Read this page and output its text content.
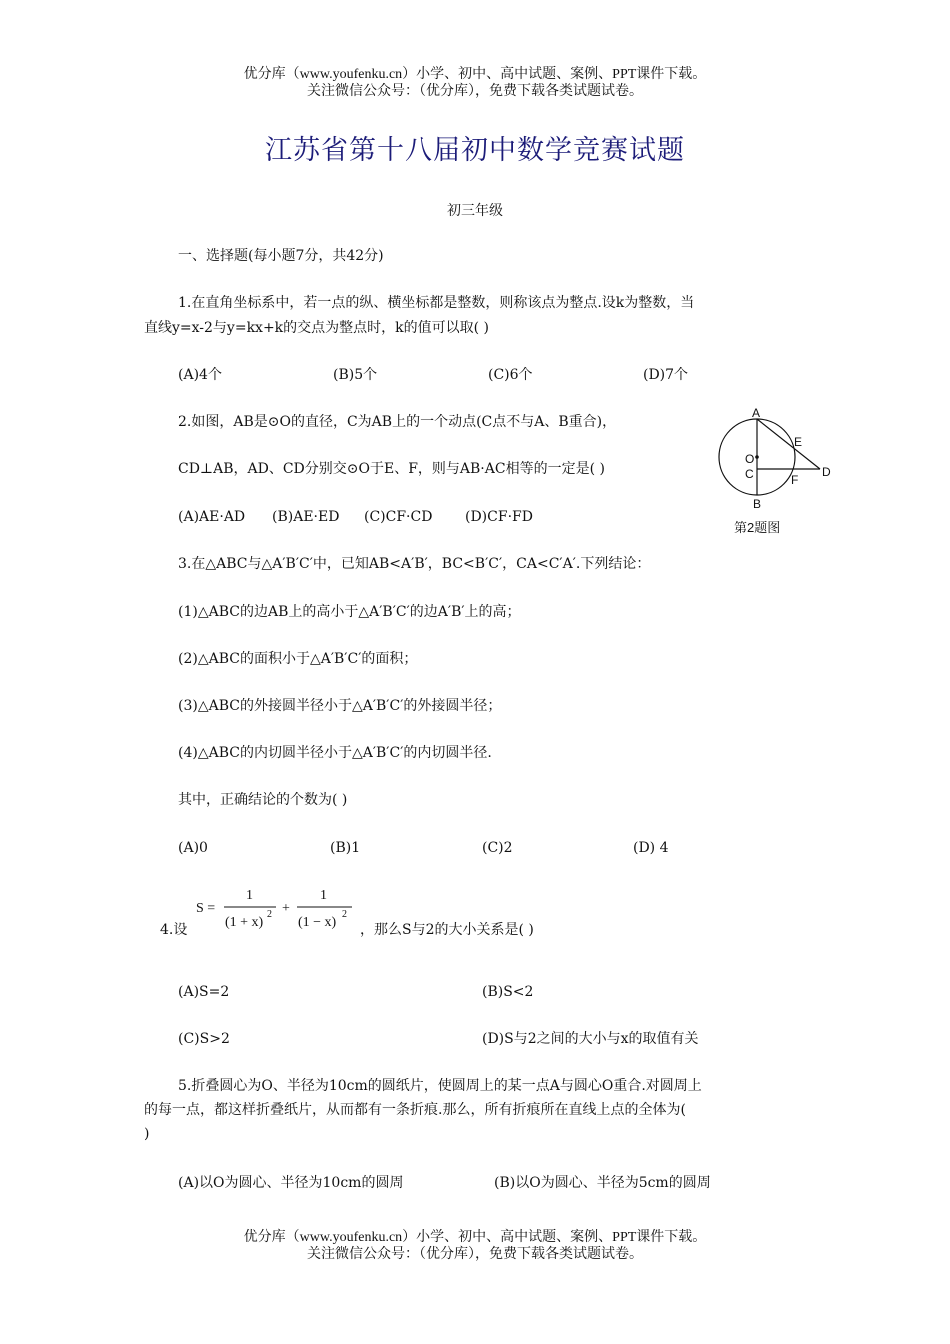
优分库（www.youfenku.cn）小学、初中、高中试题、案例、PPT课件下载。
关注微信公众号：（优分库），免费下载各类试题试卷。
江苏省第十八届初中数学竞赛试题
初三年级
一、选择题(每小题7分，共42分)
1.在直角坐标系中，若一点的纵、横坐标都是整数，则称该点为整点.设k为整数，当
直线y=x-2与y=kx+k的交点为整点时，k的值可以取( )
(A)4个	(B)5个	(C)6个	(D)7个
2.如图，AB是⊙O的直径，C为AB上的一个动点(C点不与A、B重合)，
CD⊥AB，AD、CD分别交⊙O于E、F，则与AB·AC相等的一定是( )
(A)AE·AD (B)AE·ED (C)CF·CD (D)CF·FD
A
B
O
C	D
E
F
第2题图
3.在△ABC与△A′B′C′中，已知AB<A′B′，BC<B′C′，CA<C′A′.下列结论：
(1)△ABC的边AB上的高小于△A′B′C′的边A′B′上的高；
(2)△ABC的面积小于△A′B′C′的面积；
(3)△ABC的外接圆半径小于△A′B′C′的外接圆半径；
(4)△ABC的内切圆半径小于△A′B′C′的内切圆半径.
其中，正确结论的个数为( )
(A)0	(B)1	(C)2	(D) 4
4.设
S =
1
(1 + x)
2 +
1
(1 − x)
2
，那么S与2的大小关系是( )
(A)S=2	(B)S<2
(C)S>2	(D)S与2之间的大小与x的取值有关
5.折叠圆心为O、半径为10cm的圆纸片，使圆周上的某一点A与圆心O重合.对圆周上
的每一点，都这样折叠纸片，从而都有一条折痕.那么，所有折痕所在直线上点的全体为(
)
(A)以O为圆心、半径为10cm的圆周	(B)以O为圆心、半径为5cm的圆周
优分库（www.youfenku.cn）小学、初中、高中试题、案例、PPT课件下载。
关注微信公众号：（优分库），免费下载各类试题试卷。
